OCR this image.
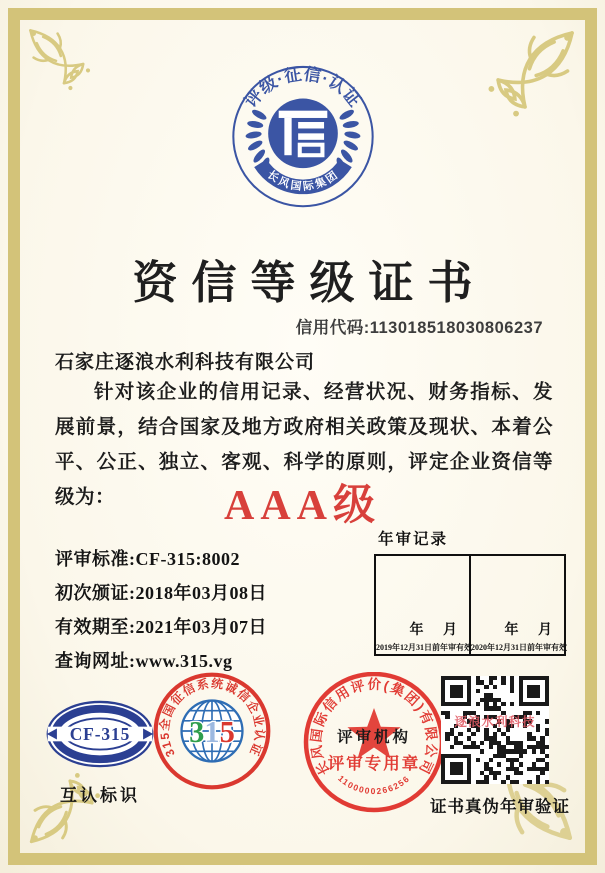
评级·征信·认证
长风国际集团
资信等级证书
信用代码:113018518030806237
石家庄逐浪水利科技有限公司
针对该企业的信用记录、经营状况、财务指标、发展前景，结合国家及地方政府相关政策及现状、本着公平、公正、独立、客观、科学的原则，评定企业资信等级为：	AAA级
评审标准:CF-315:8002
初次颁证:2018年03月08日
有效期至:2021年03月07日
查询网址:www.315.vg
年审记录
年 月
2019年12月31日前年审有效
年 月
2020年12月31日前年审有效
CF-315
互认标识
315全国征信系统诚信企业认证
315
长风国际信用评价(集团)有限公司
评审机构
评审专用章
1100000266256
逐浪水利科技
证书真伪年审验证
